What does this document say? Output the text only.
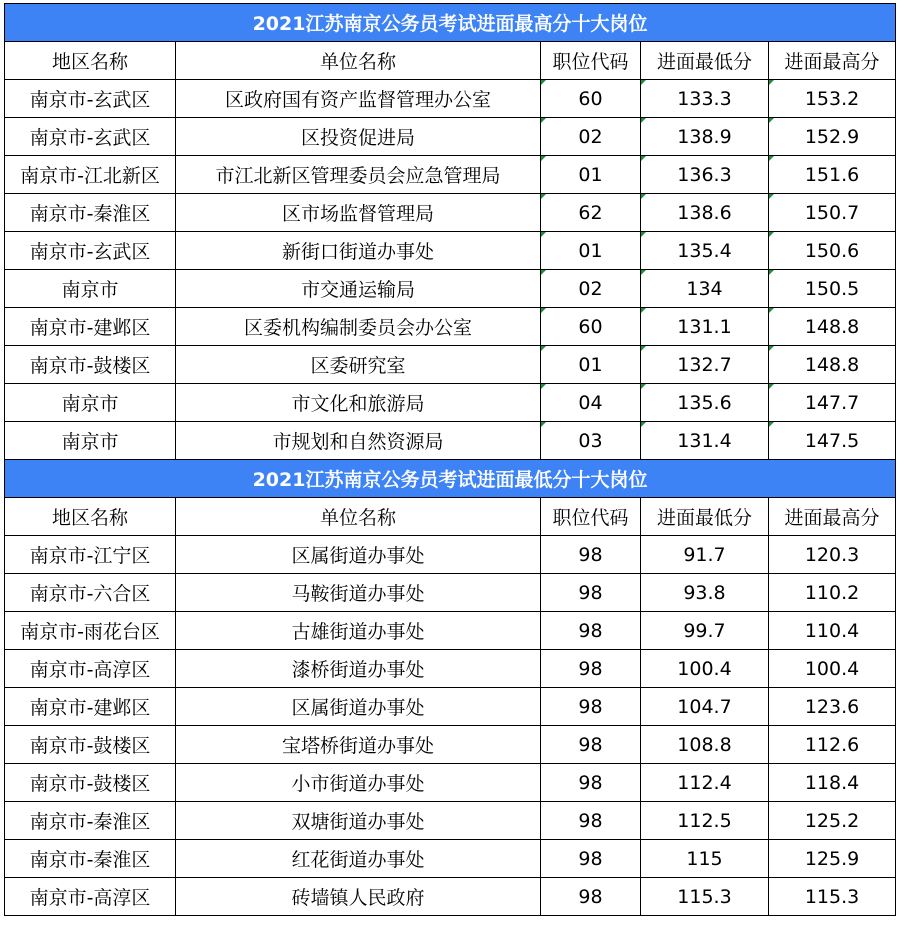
2021江苏南京公务员考试进面最高分十大岗位				
地区名称	单位名称	职位代码	进面最低分	进面最高分
南京市-玄武区	区政府国有资产监督管理办公室	60	133.3	153.2
南京市-玄武区	区投资促进局	02	138.9	152.9
南京市-江北新区	市江北新区管理委员会应急管理局	01	136.3	151.6
南京市-秦淮区	区市场监督管理局	62	138.6	150.7
南京市-玄武区	新街口街道办事处	01	135.4	150.6
南京市	市交通运输局	02	134	150.5
南京市-建邺区	区委机构编制委员会办公室	60	131.1	148.8
南京市-鼓楼区	区委研究室	01	132.7	148.8
南京市	市文化和旅游局	04	135.6	147.7
南京市	市规划和自然资源局	03	131.4	147.5
2021江苏南京公务员考试进面最低分十大岗位				
地区名称	单位名称	职位代码	进面最低分	进面最高分
南京市-江宁区	区属街道办事处	98	91.7	120.3
南京市-六合区	马鞍街道办事处	98	93.8	110.2
南京市-雨花台区	古雄街道办事处	98	99.7	110.4
南京市-高淳区	漆桥街道办事处	98	100.4	100.4
南京市-建邺区	区属街道办事处	98	104.7	123.6
南京市-鼓楼区	宝塔桥街道办事处	98	108.8	112.6
南京市-鼓楼区	小市街道办事处	98	112.4	118.4
南京市-秦淮区	双塘街道办事处	98	112.5	125.2
南京市-秦淮区	红花街道办事处	98	115	125.9
南京市-高淳区	砖墙镇人民政府	98	115.3	115.3
